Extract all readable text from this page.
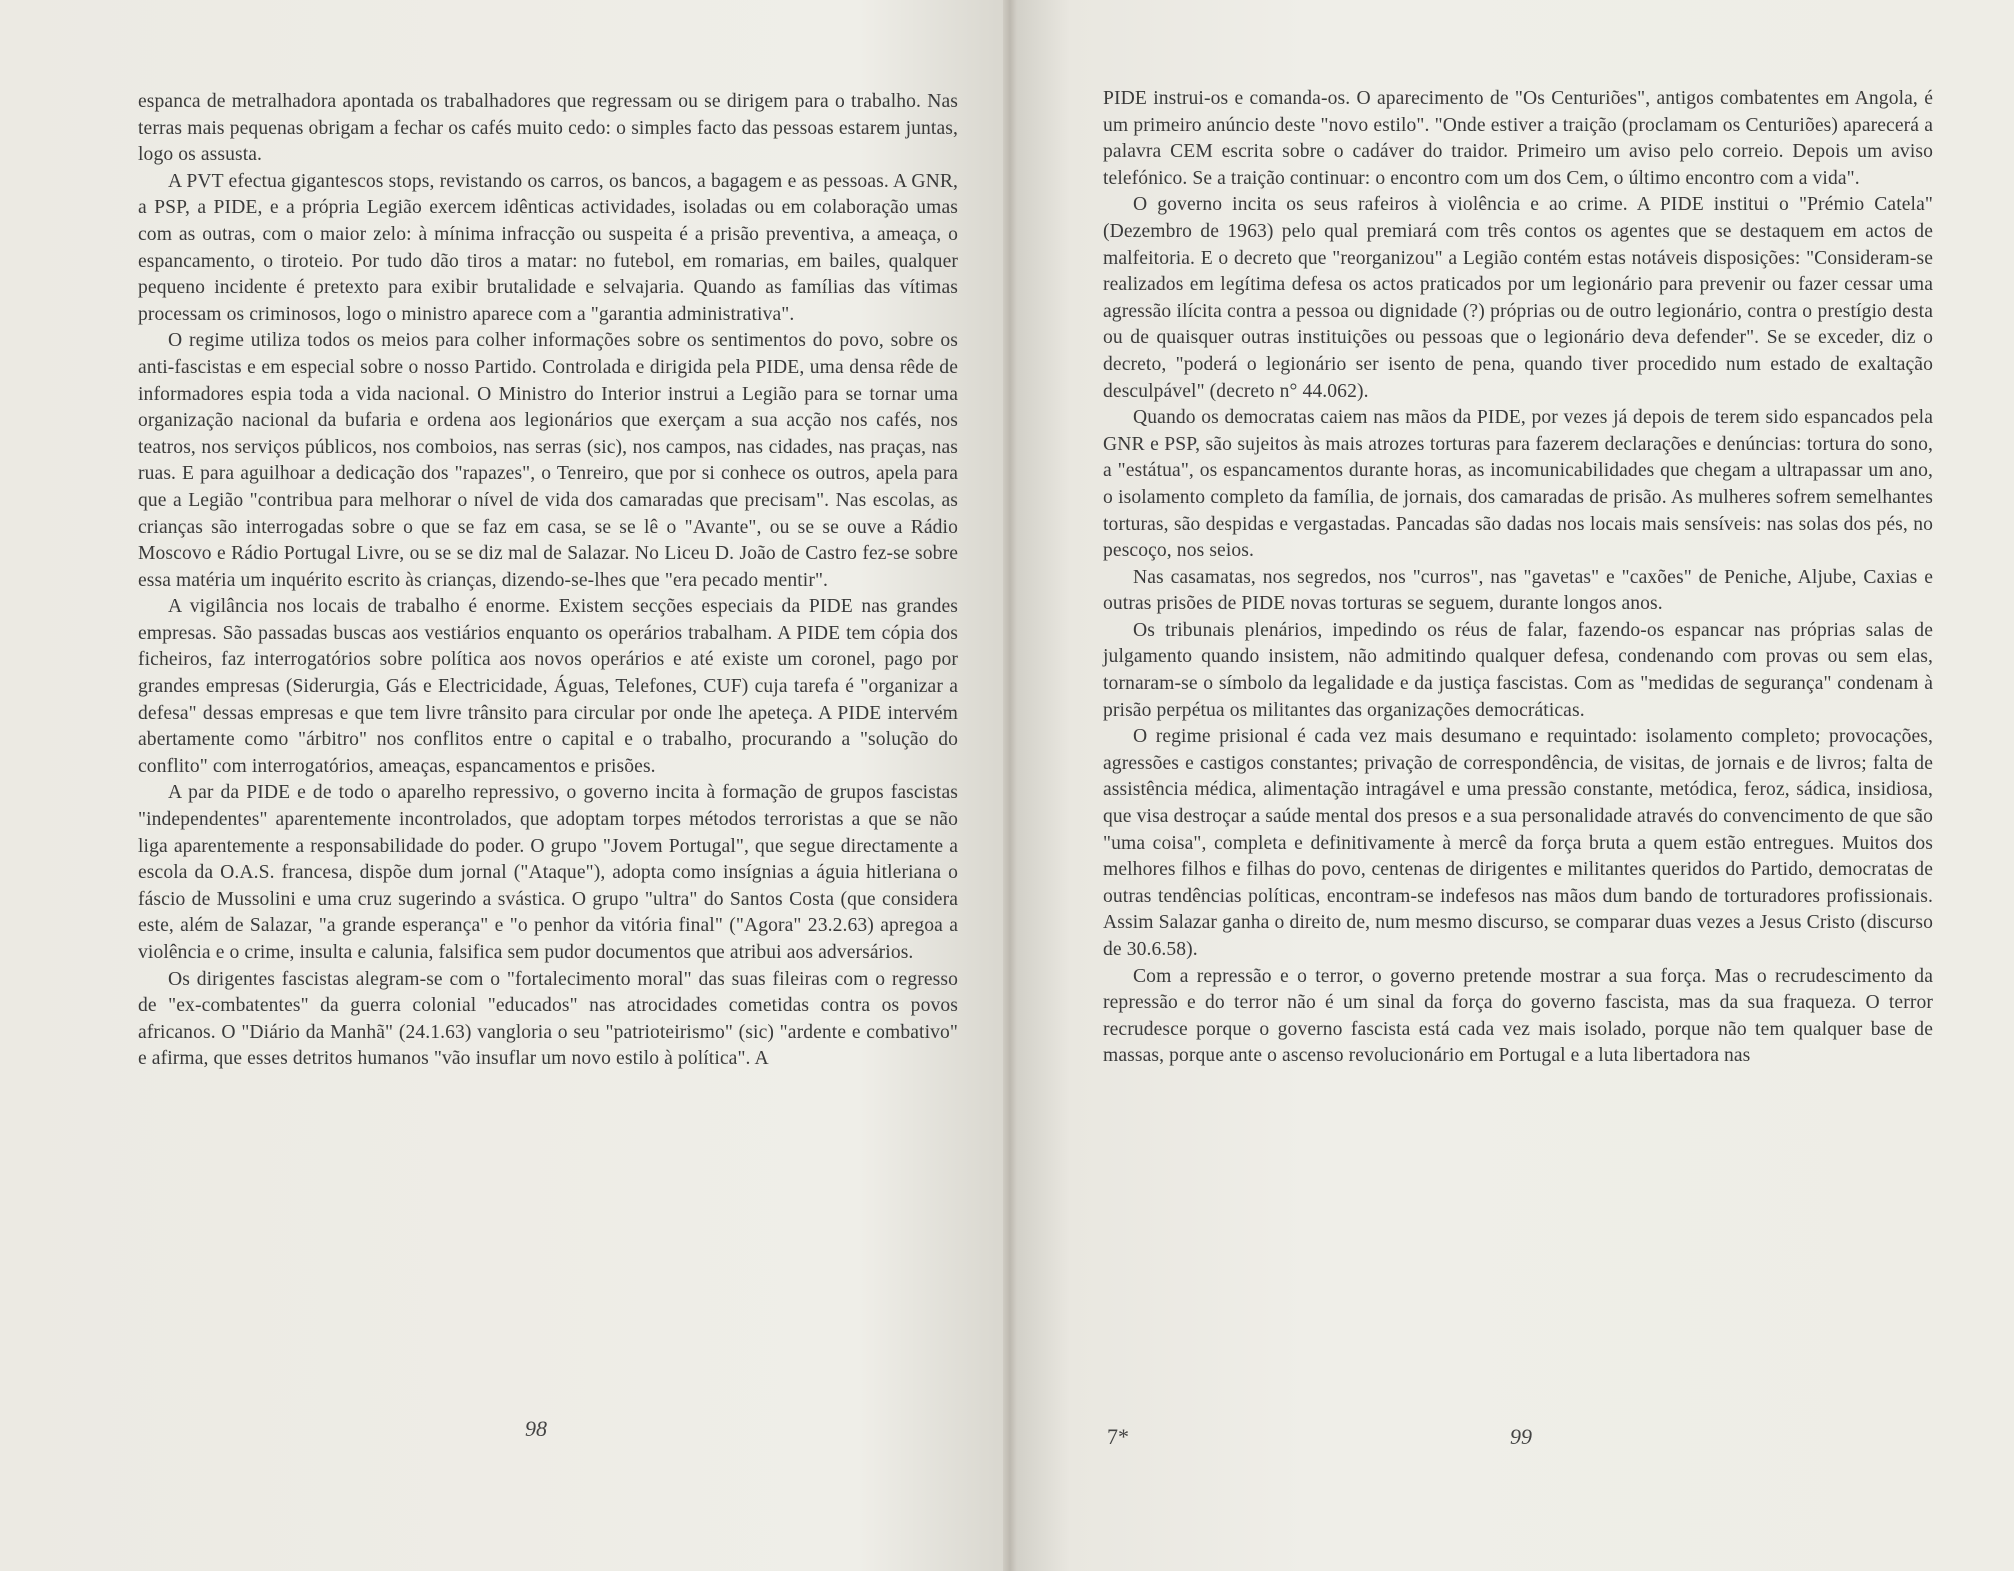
espanca de metralhadora apontada os trabalhadores que regressam ou se dirigem para o trabalho. Nas terras mais pequenas obrigam a fechar os cafés muito cedo: o simples facto das pessoas estarem juntas, logo os assusta.

A PVT efectua gigantescos stops, revistando os carros, os bancos, a bagagem e as pessoas. A GNR, a PSP, a PIDE, e a própria Legião exercem idênticas actividades, isoladas ou em colaboração umas com as outras, com o maior zelo: à mínima infracção ou suspeita é a prisão preventiva, a ameaça, o espancamento, o tiroteio. Por tudo dão tiros a matar: no futebol, em romarias, em bailes, qualquer pequeno incidente é pretexto para exibir brutalidade e selvajaria. Quando as famílias das vítimas processam os criminosos, logo o ministro aparece com a "garantia administrativa".

O regime utiliza todos os meios para colher informações sobre os sentimentos do povo, sobre os anti-fascistas e em especial sobre o nosso Partido. Controlada e dirigida pela PIDE, uma densa rêde de informadores espia toda a vida nacional. O Ministro do Interior instrui a Legião para se tornar uma organização nacional da bufaria e ordena aos legionários que exerçam a sua acção nos cafés, nos teatros, nos serviços públicos, nos comboios, nas serras (sic), nos campos, nas cidades, nas praças, nas ruas. E para aguilhoar a dedicação dos "rapazes", o Tenreiro, que por si conhece os outros, apela para que a Legião "contribua para melhorar o nível de vida dos camaradas que precisam". Nas escolas, as crianças são interrogadas sobre o que se faz em casa, se se lê o "Avante", ou se se ouve a Rádio Moscovo e Rádio Portugal Livre, ou se se diz mal de Salazar. No Liceu D. João de Castro fez-se sobre essa matéria um inquérito escrito às crianças, dizendo-se-lhes que "era pecado mentir".

A vigilância nos locais de trabalho é enorme. Existem secções especiais da PIDE nas grandes empresas. São passadas buscas aos vestiários enquanto os operários trabalham. A PIDE tem cópia dos ficheiros, faz interrogatórios sobre política aos novos operários e até existe um coronel, pago por grandes empresas (Siderurgia, Gás e Electricidade, Águas, Telefones, CUF) cuja tarefa é "organizar a defesa" dessas empresas e que tem livre trânsito para circular por onde lhe apeteça. A PIDE intervém abertamente como "árbitro" nos conflitos entre o capital e o trabalho, procurando a "solução do conflito" com interrogatórios, ameaças, espancamentos e prisões.

A par da PIDE e de todo o aparelho repressivo, o governo incita à formação de grupos fascistas "independentes" aparentemente incontrolados, que adoptam torpes métodos terroristas a que se não liga aparentemente a responsabilidade do poder. O grupo "Jovem Portugal", que segue directamente a escola da O.A.S. francesa, dispõe dum jornal ("Ataque"), adopta como insígnias a águia hitleriana o fáscio de Mussolini e uma cruz sugerindo a svástica. O grupo "ultra" do Santos Costa (que considera este, além de Salazar, "a grande esperança" e "o penhor da vitória final" ("Agora" 23.2.63) apregoa a violência e o crime, insulta e calunia, falsifica sem pudor documentos que atribui aos adversários.

Os dirigentes fascistas alegram-se com o "fortalecimento moral" das suas fileiras com o regresso de "ex-combatentes" da guerra colonial "educados" nas atrocidades cometidas contra os povos africanos. O "Diário da Manhã" (24.1.63) vangloria o seu "patrioteirismo" (sic) "ardente e combativo" e afirma, que esses detritos humanos "vão insuflar um novo estilo à política". A

98

PIDE instrui-os e comanda-os. O aparecimento de "Os Centuriões", antigos combatentes em Angola, é um primeiro anúncio deste "novo estilo". "Onde estiver a traição (proclamam os Centuriões) aparecerá a palavra CEM escrita sobre o cadáver do traidor. Primeiro um aviso pelo correio. Depois um aviso telefónico. Se a traição continuar: o encontro com um dos Cem, o último encontro com a vida".

O governo incita os seus rafeiros à violência e ao crime. A PIDE institui o "Prémio Catela" (Dezembro de 1963) pelo qual premiará com três contos os agentes que se destaquem em actos de malfeitoria. E o decreto que "reorganizou" a Legião contém estas notáveis disposições: "Consideram-se realizados em legítima defesa os actos praticados por um legionário para prevenir ou fazer cessar uma agressão ilícita contra a pessoa ou dignidade (?) próprias ou de outro legionário, contra o prestígio desta ou de quaisquer outras instituições ou pessoas que o legionário deva defender". Se se exceder, diz o decreto, "poderá o legionário ser isento de pena, quando tiver procedido num estado de exaltação desculpável" (decreto n° 44.062).

Quando os democratas caiem nas mãos da PIDE, por vezes já depois de terem sido espancados pela GNR e PSP, são sujeitos às mais atrozes torturas para fazerem declarações e denúncias: tortura do sono, a "estátua", os espancamentos durante horas, as incomunicabilidades que chegam a ultrapassar um ano, o isolamento completo da família, de jornais, dos camaradas de prisão. As mulheres sofrem semelhantes torturas, são despidas e vergastadas. Pancadas são dadas nos locais mais sensíveis: nas solas dos pés, no pescoço, nos seios.

Nas casamatas, nos segredos, nos "curros", nas "gavetas" e "caxões" de Peniche, Aljube, Caxias e outras prisões de PIDE novas torturas se seguem, durante longos anos.

Os tribunais plenários, impedindo os réus de falar, fazendo-os espancar nas próprias salas de julgamento quando insistem, não admitindo qualquer defesa, condenando com provas ou sem elas, tornaram-se o símbolo da legalidade e da justiça fascistas. Com as "medidas de segurança" condenam à prisão perpétua os militantes das organizações democráticas.

O regime prisional é cada vez mais desumano e requintado: isolamento completo; provocações, agressões e castigos constantes; privação de correspondência, de visitas, de jornais e de livros; falta de assistência médica, alimentação intragável e uma pressão constante, metódica, feroz, sádica, insidiosa, que visa destroçar a saúde mental dos presos e a sua personalidade através do convencimento de que são "uma coisa", completa e definitivamente à mercê da força bruta a quem estão entregues. Muitos dos melhores filhos e filhas do povo, centenas de dirigentes e militantes queridos do Partido, democratas de outras tendências políticas, encontram-se indefesos nas mãos dum bando de torturadores profissionais. Assim Salazar ganha o direito de, num mesmo discurso, se comparar duas vezes a Jesus Cristo (discurso de 30.6.58).

Com a repressão e o terror, o governo pretende mostrar a sua força. Mas o recrudescimento da repressão e do terror não é um sinal da força do governo fascista, mas da sua fraqueza. O terror recrudesce porque o governo fascista está cada vez mais isolado, porque não tem qualquer base de massas, porque ante o ascenso revolucionário em Portugal e a luta libertadora nas

7*	99
